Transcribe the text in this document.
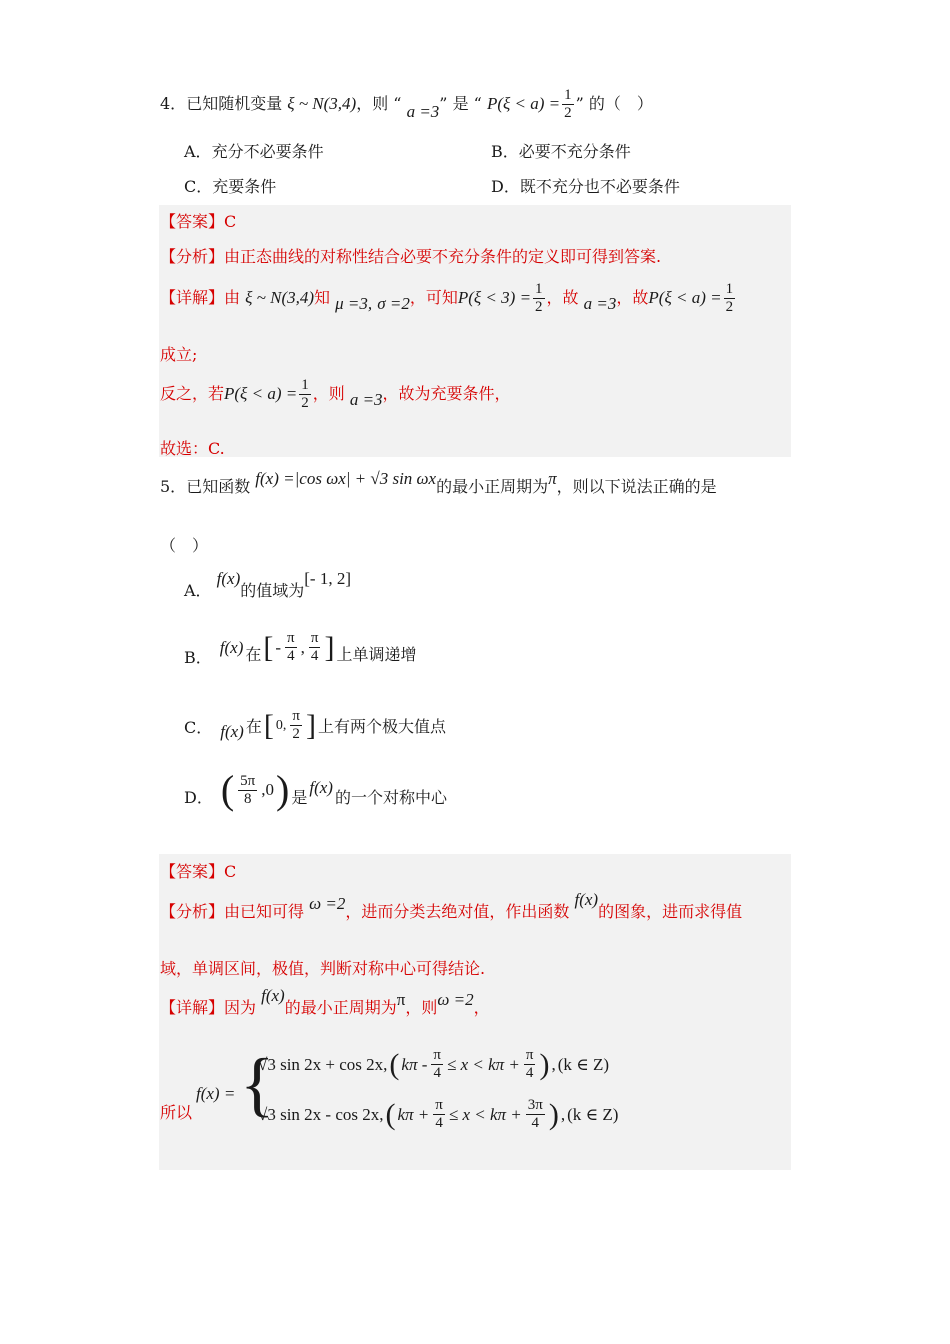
4．已知随机变量 ξ ~ N(3,4)，则 “ a =3” 是 “ $P(\xi < a) = \frac{1}{2}$ ” 的（　）
A．充分不必要条件	B．必要不充分条件
C．充要条件	D．既不充分也不必要条件
【答案】C
【分析】由正态曲线的对称性结合必要不充分条件的定义即可得到答案.
【详解】由 ξ ~ N(3,4)知 μ =3, σ =2，可知$P(\xi < 3) = \frac{1}{2}$ ，故 a =3，故$P(\xi < a) = \frac{1}{2}$
成立;
反之，若$P(\xi < a) = \frac{1}{2}$ ，则 a =3，故为充要条件，
故选：C.
5．已知函数 f(x) =|cos ωx| + √3 sin ωx的最小正周期为π，则以下说法正确的是
（　）
A． f(x)的值域为[- 1, 2]
B．
f(x) 在 [ - $\frac{\pi}{4}$ , $\frac{\pi}{4}$ ] 上单调递增
C． f(x) 在 [ 0, $\frac{\pi}{2}$ ] 上有两个极大值点
D． ( $\frac{5\pi}{8} ,0$ ) 是 f(x) 的一个对称中心
【答案】C
【分析】由已知可得 ω =2，进而分类去绝对值，作出函数 f(x)的图象，进而求得值
域，单调区间，极值，判断对称中心可得结论.
【详解】因为 f(x)的最小正周期为π，则ω =2，
所以
f(x) = {
√3 sin 2x + cos 2x, ( $k\pi - \frac{\pi}{4} \le x < k\pi + \frac{\pi}{4}$ ) , (k ∈ Z)
√3 sin 2x - cos 2x, ( $k\pi + \frac{\pi}{4} \le x < k\pi + \frac{3\pi}{4}$ ) , (k ∈ Z)
